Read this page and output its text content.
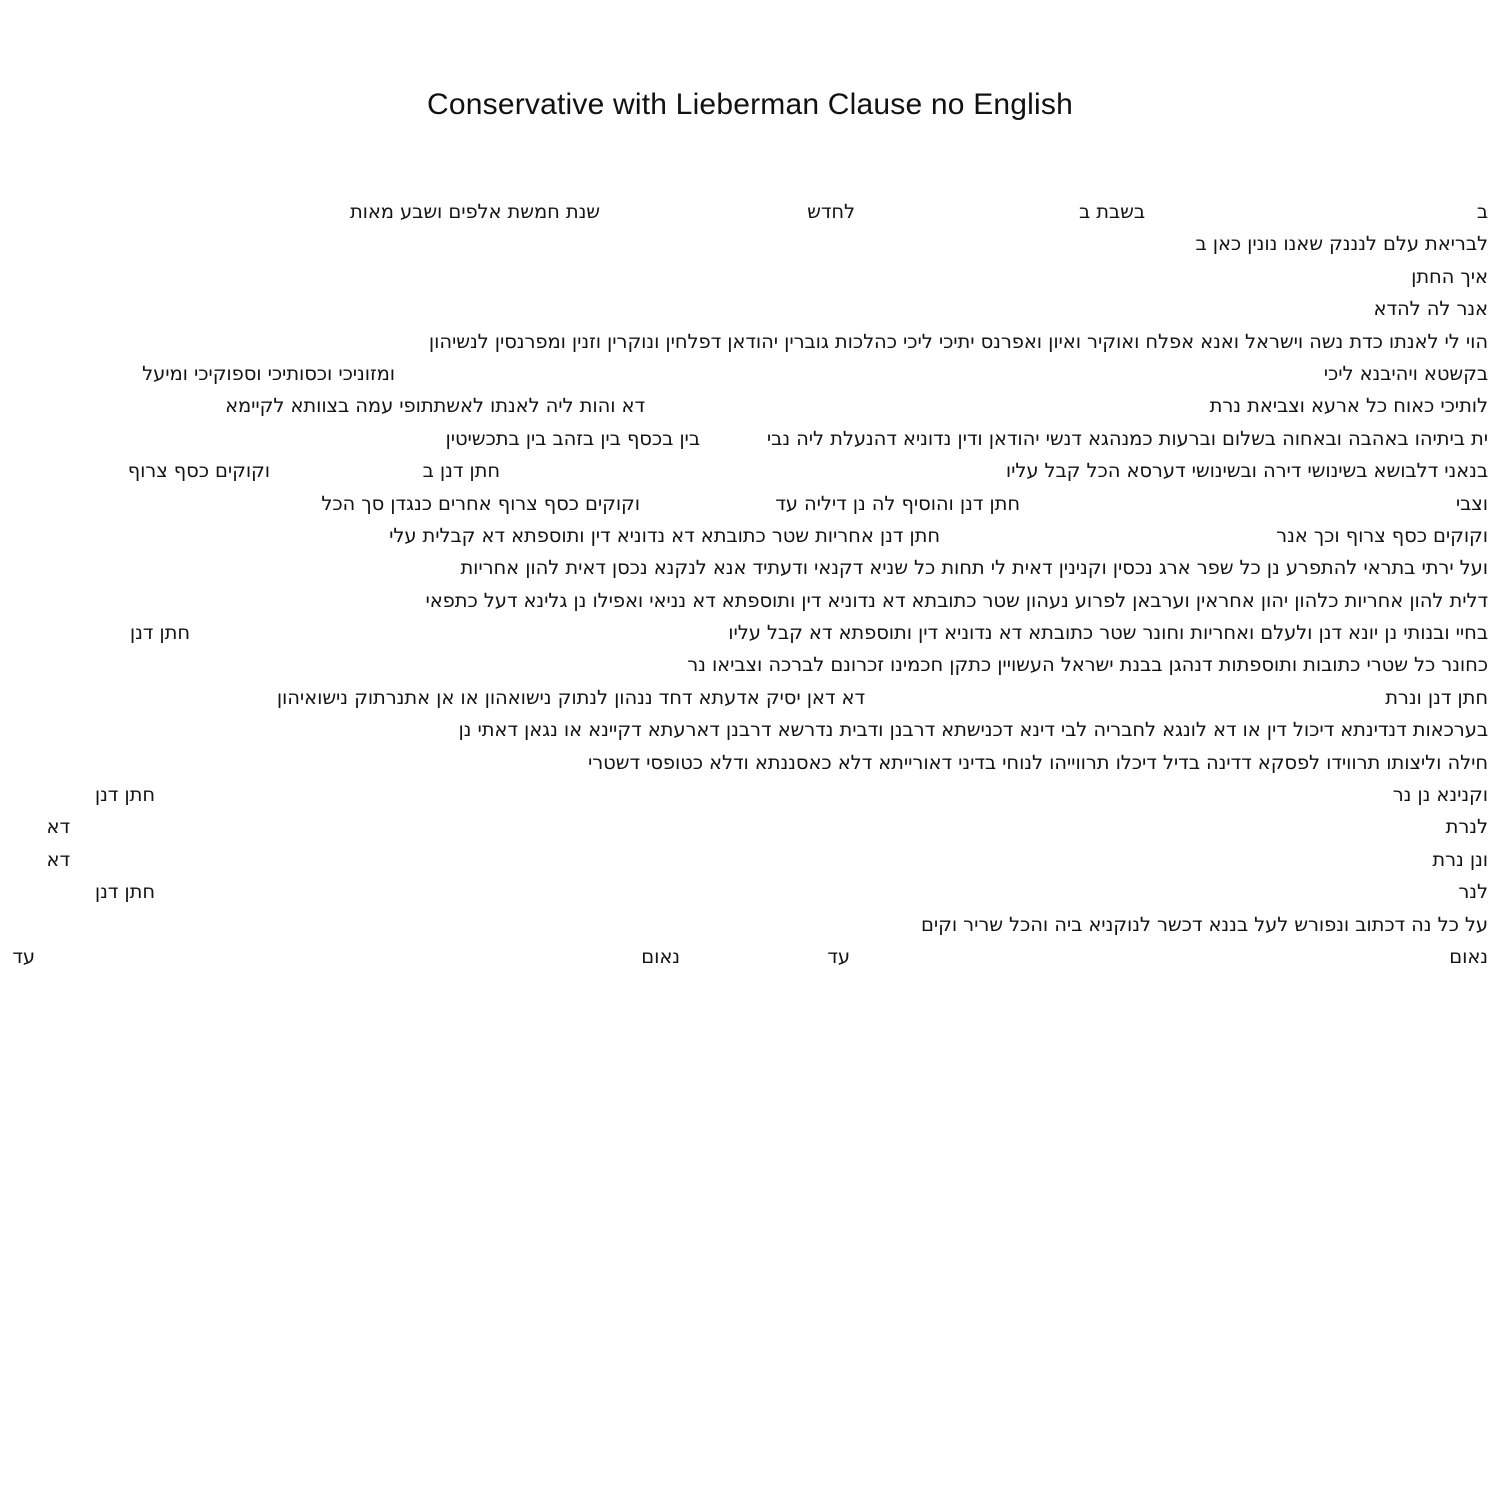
Conservative with Lieberman Clause no English
ב
בשבת ב
לחדש
שנת חמשת אלפים ושבע מאות
לבריאת עלם לנננק שאנו נונין כאן ב
איך החתן
אנר לה להדא
הוי לי לאנתו כדת נשה וישראל ואנא אפלח ואוקיר ואיון ואפרנס יתיכי ליכי כהלכות גוברין יהודאן דפלחין ונוקרין וזנין ומפרנסין לנשיהון
בקשטא ויהיבנא ליכי
ומזוניכי וכסותיכי וספוקיכי ומיעל
לותיכי כאוח כל ארעא וצביאת נרת
דא והות ליה לאנתו לאשתתופי עמה בצוותא לקיימא
ית ביתיהו באהבה ובאחוה בשלום וברעות כמנהגא דנשי יהודאן ודין נדוניא דהנעלת ליה נבי
בין בכסף בין בזהב בין בתכשיטין
בנאני דלבושא בשינושי דירה ובשינושי דערסא הכל קבל עליו
חתן דנן ב
וקוקים כסף צרוף
וצבי
חתן דנן והוסיף לה נן דיליה עד
וקוקים כסף צרוף אחרים כנגדן סך הכל
וקוקים כסף צרוף וכך אנר
חתן דנן אחריות שטר כתובתא דא נדוניא דין ותוספתא דא קבלית עלי
ועל ירתי בתראי להתפרע נן כל שפר ארג נכסין וקנינין דאית לי תחות כל שניא דקנאי ודעתיד אנא לנקנא נכסן דאית להון אחריות
דלית להון אחריות כלהון יהון אחראין וערבאן לפרוע נעהון שטר כתובתא דא נדוניא דין ותוספתא דא נניאי ואפילו נן גלינא דעל כתפאי
בחיי ובנותי נן יונא דנן ולעלם ואחריות וחונר שטר כתובתא דא נדוניא דין ותוספתא דא קבל עליו
חתן דנן
כחונר כל שטרי כתובות ותוספתות דנהגן בבנת ישראל העשויין כתקן חכמינו זכרונם לברכה וצביאו נר
חתן דנן ונרת
דא דאן יסיק אדעתא דחד ננהון לנתוק נישואהון או אן אתנרתוק נישואיהון
בערכאות דנדינתא דיכול דין או דא לונגא לחבריה לבי דינא דכנישתא דרבנן ודבית נדרשא דרבנן דארעתא דקיינא או נגאן דאתי נן
חילה וליצותו תרווידו לפסקא דדינה בדיל דיכלו תרווייהו לנוחי בדיני דאורייתא דלא כאסננתא ודלא כטופסי דשטרי
וקנינא נן נר
חתן דנן
לנרת
דא
ונן נרת
דא
לנר
חתן דנן
על כל נה דכתוב ונפורש לעל בננא דכשר לנוקניא ביה והכל שריר וקים
נאום
עד
נאום
עד
